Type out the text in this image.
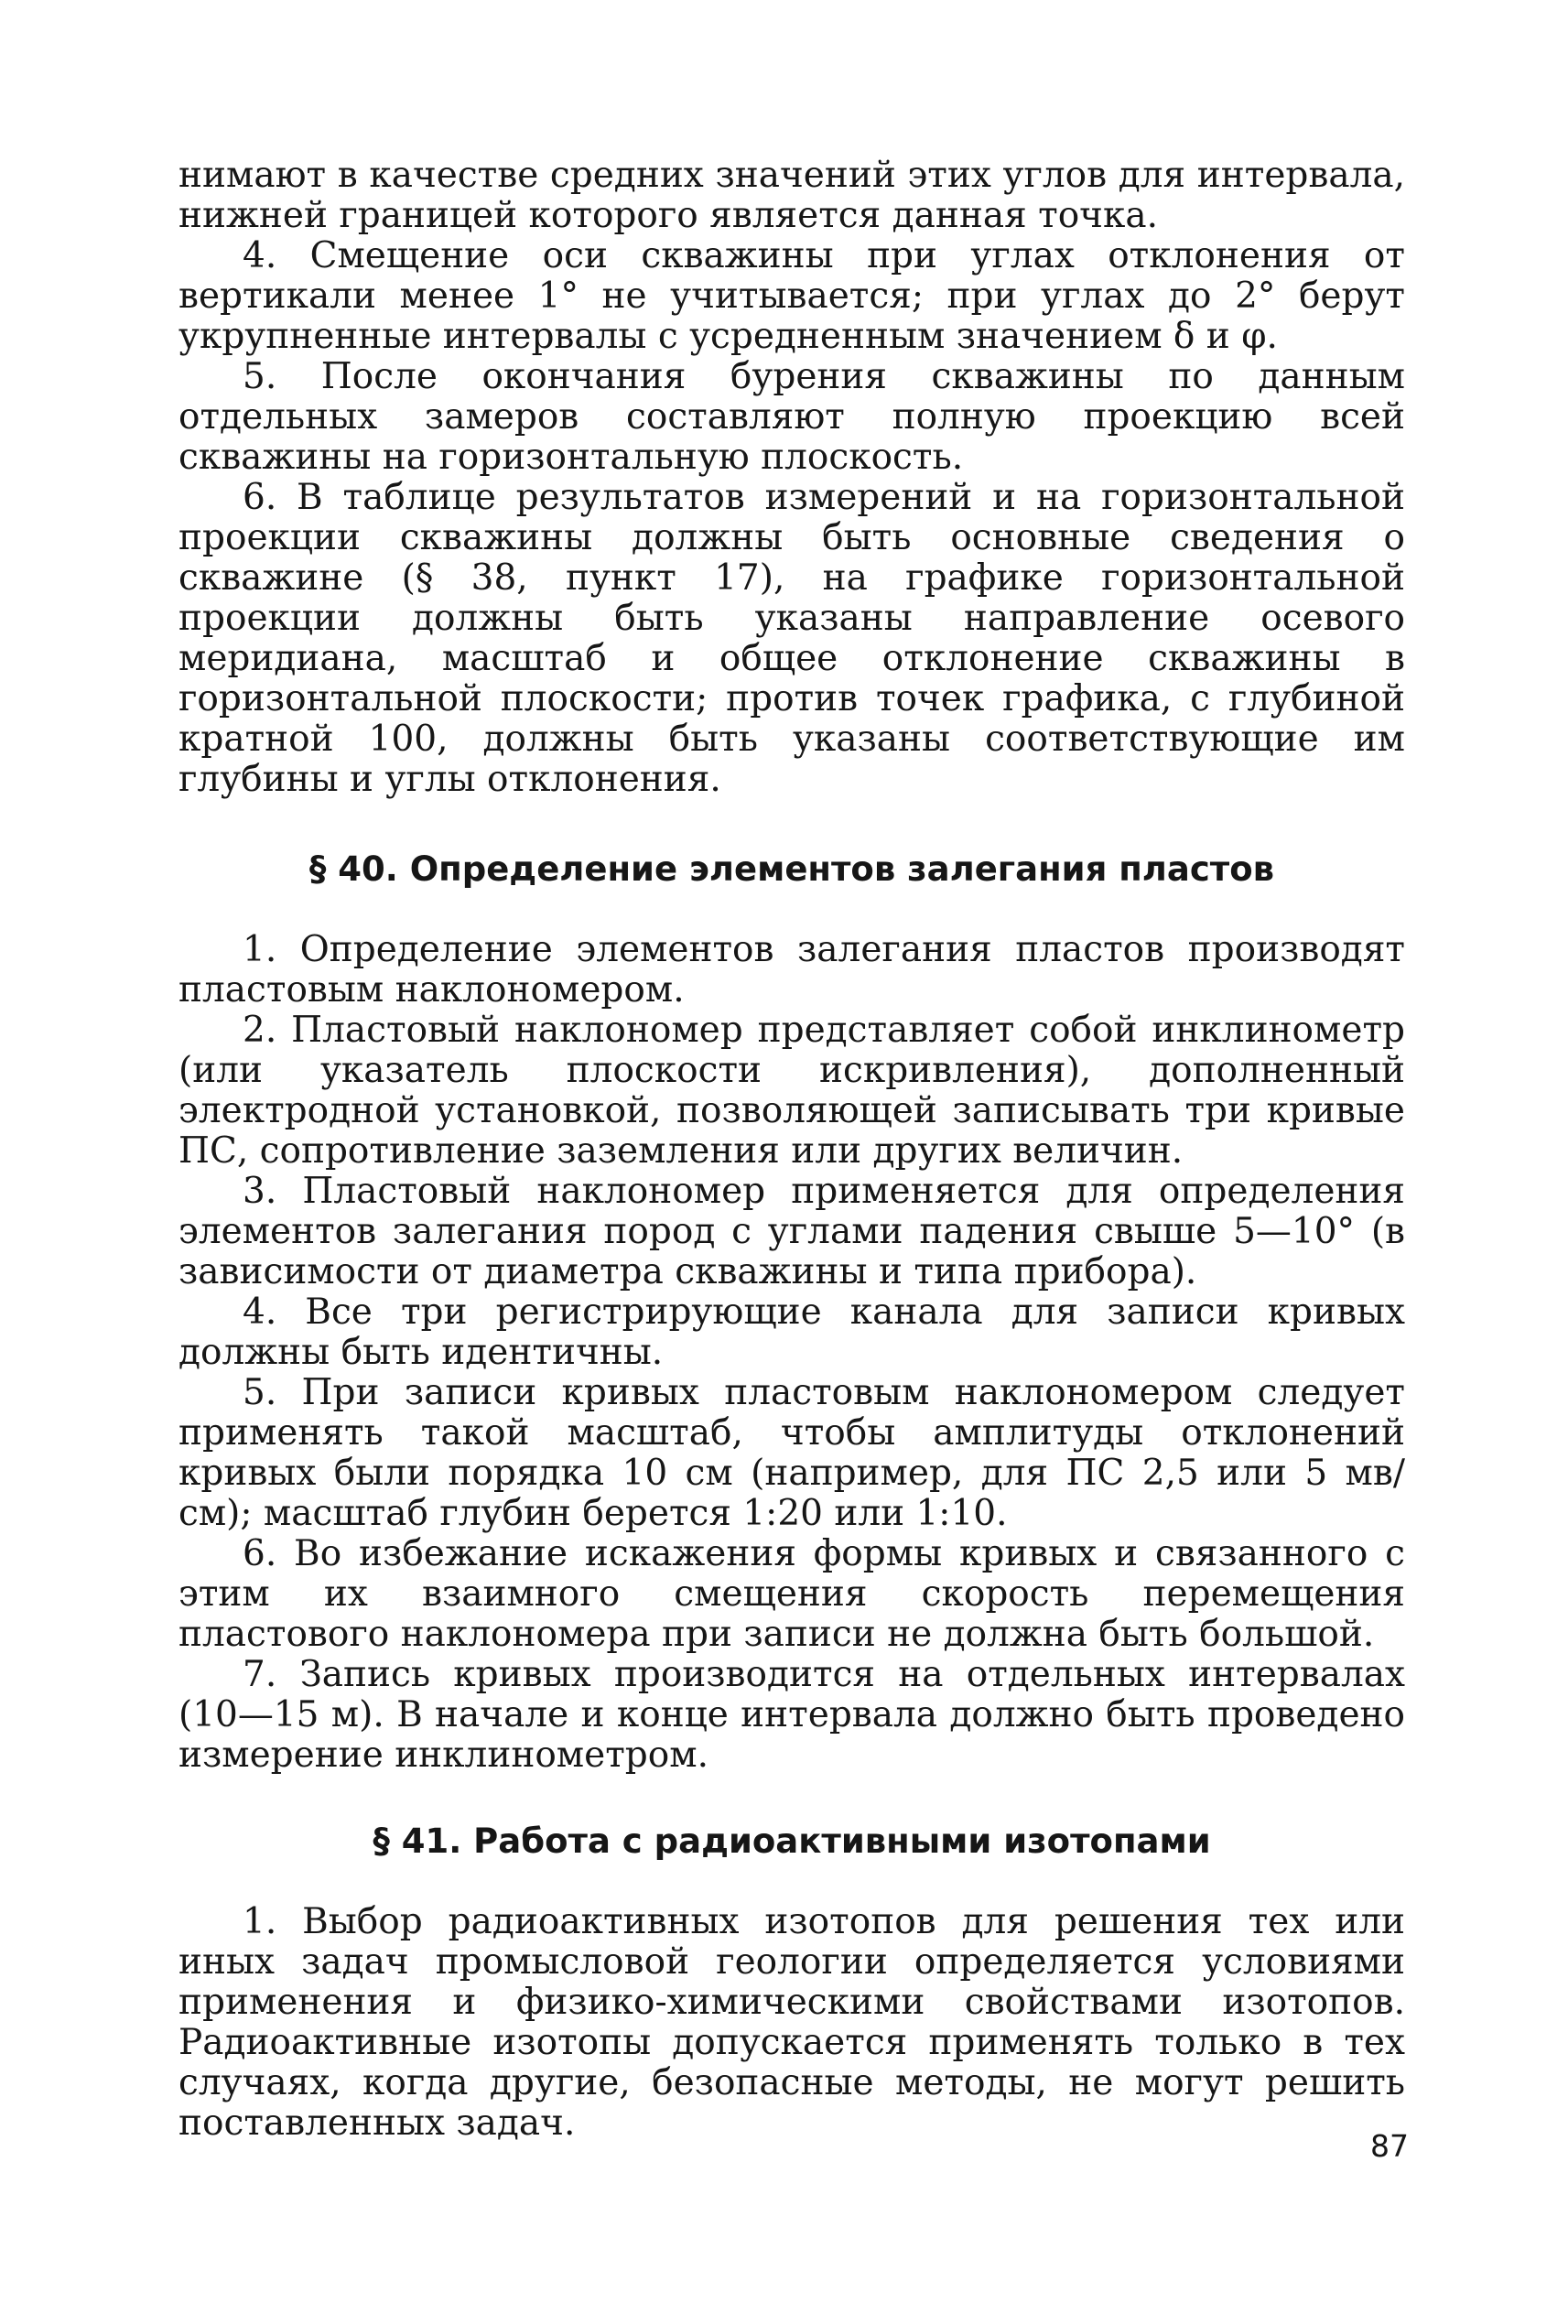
нимают в качестве средних значений этих углов для интервала, нижней границей которого является данная точка.

4. Смещение оси скважины при углах отклонения от вертикали менее 1° не учитывается; при углах до 2° берут укрупненные интервалы с усредненным значением δ и φ.

5. После окончания бурения скважины по данным отдельных замеров составляют полную проекцию всей скважины на горизонтальную плоскость.

6. В таблице результатов измерений и на горизонтальной проекции скважины должны быть основные сведения о скважине (§ 38, пункт 17), на графике горизонтальной проекции должны быть указаны направление осевого меридиана, масштаб и общее отклонение скважины в горизонтальной плоскости; против точек графика, с глубиной кратной 100, должны быть указаны соответствующие им глубины и углы отклонения.

§ 40. Определение элементов залегания пластов

1. Определение элементов залегания пластов производят пластовым наклономером.

2. Пластовый наклономер представляет собой инклинометр (или указатель плоскости искривления), дополненный электродной установкой, позволяющей записывать три кривые ПС, сопротивление заземления или других величин.

3. Пластовый наклономер применяется для определения элементов залегания пород с углами падения свыше 5—10° (в зависимости от диаметра скважины и типа прибора).

4. Все три регистрирующие канала для записи кривых должны быть идентичны.

5. При записи кривых пластовым наклономером следует применять такой масштаб, чтобы амплитуды отклонений кривых были порядка 10 см (например, для ПС 2,5 или 5 мв/см); масштаб глубин берется 1:20 или 1:10.

6. Во избежание искажения формы кривых и связанного с этим их взаимного смещения скорость перемещения пластового наклономера при записи не должна быть большой.

7. Запись кривых производится на отдельных интервалах (10—15 м). В начале и конце интервала должно быть проведено измерение инклинометром.

§ 41. Работа с радиоактивными изотопами

1. Выбор радиоактивных изотопов для решения тех или иных задач промысловой геологии определяется условиями применения и физико-химическими свойствами изотопов. Радиоактивные изотопы допускается применять только в тех случаях, когда другие, безопасные методы, не могут решить поставленных задач.

87
